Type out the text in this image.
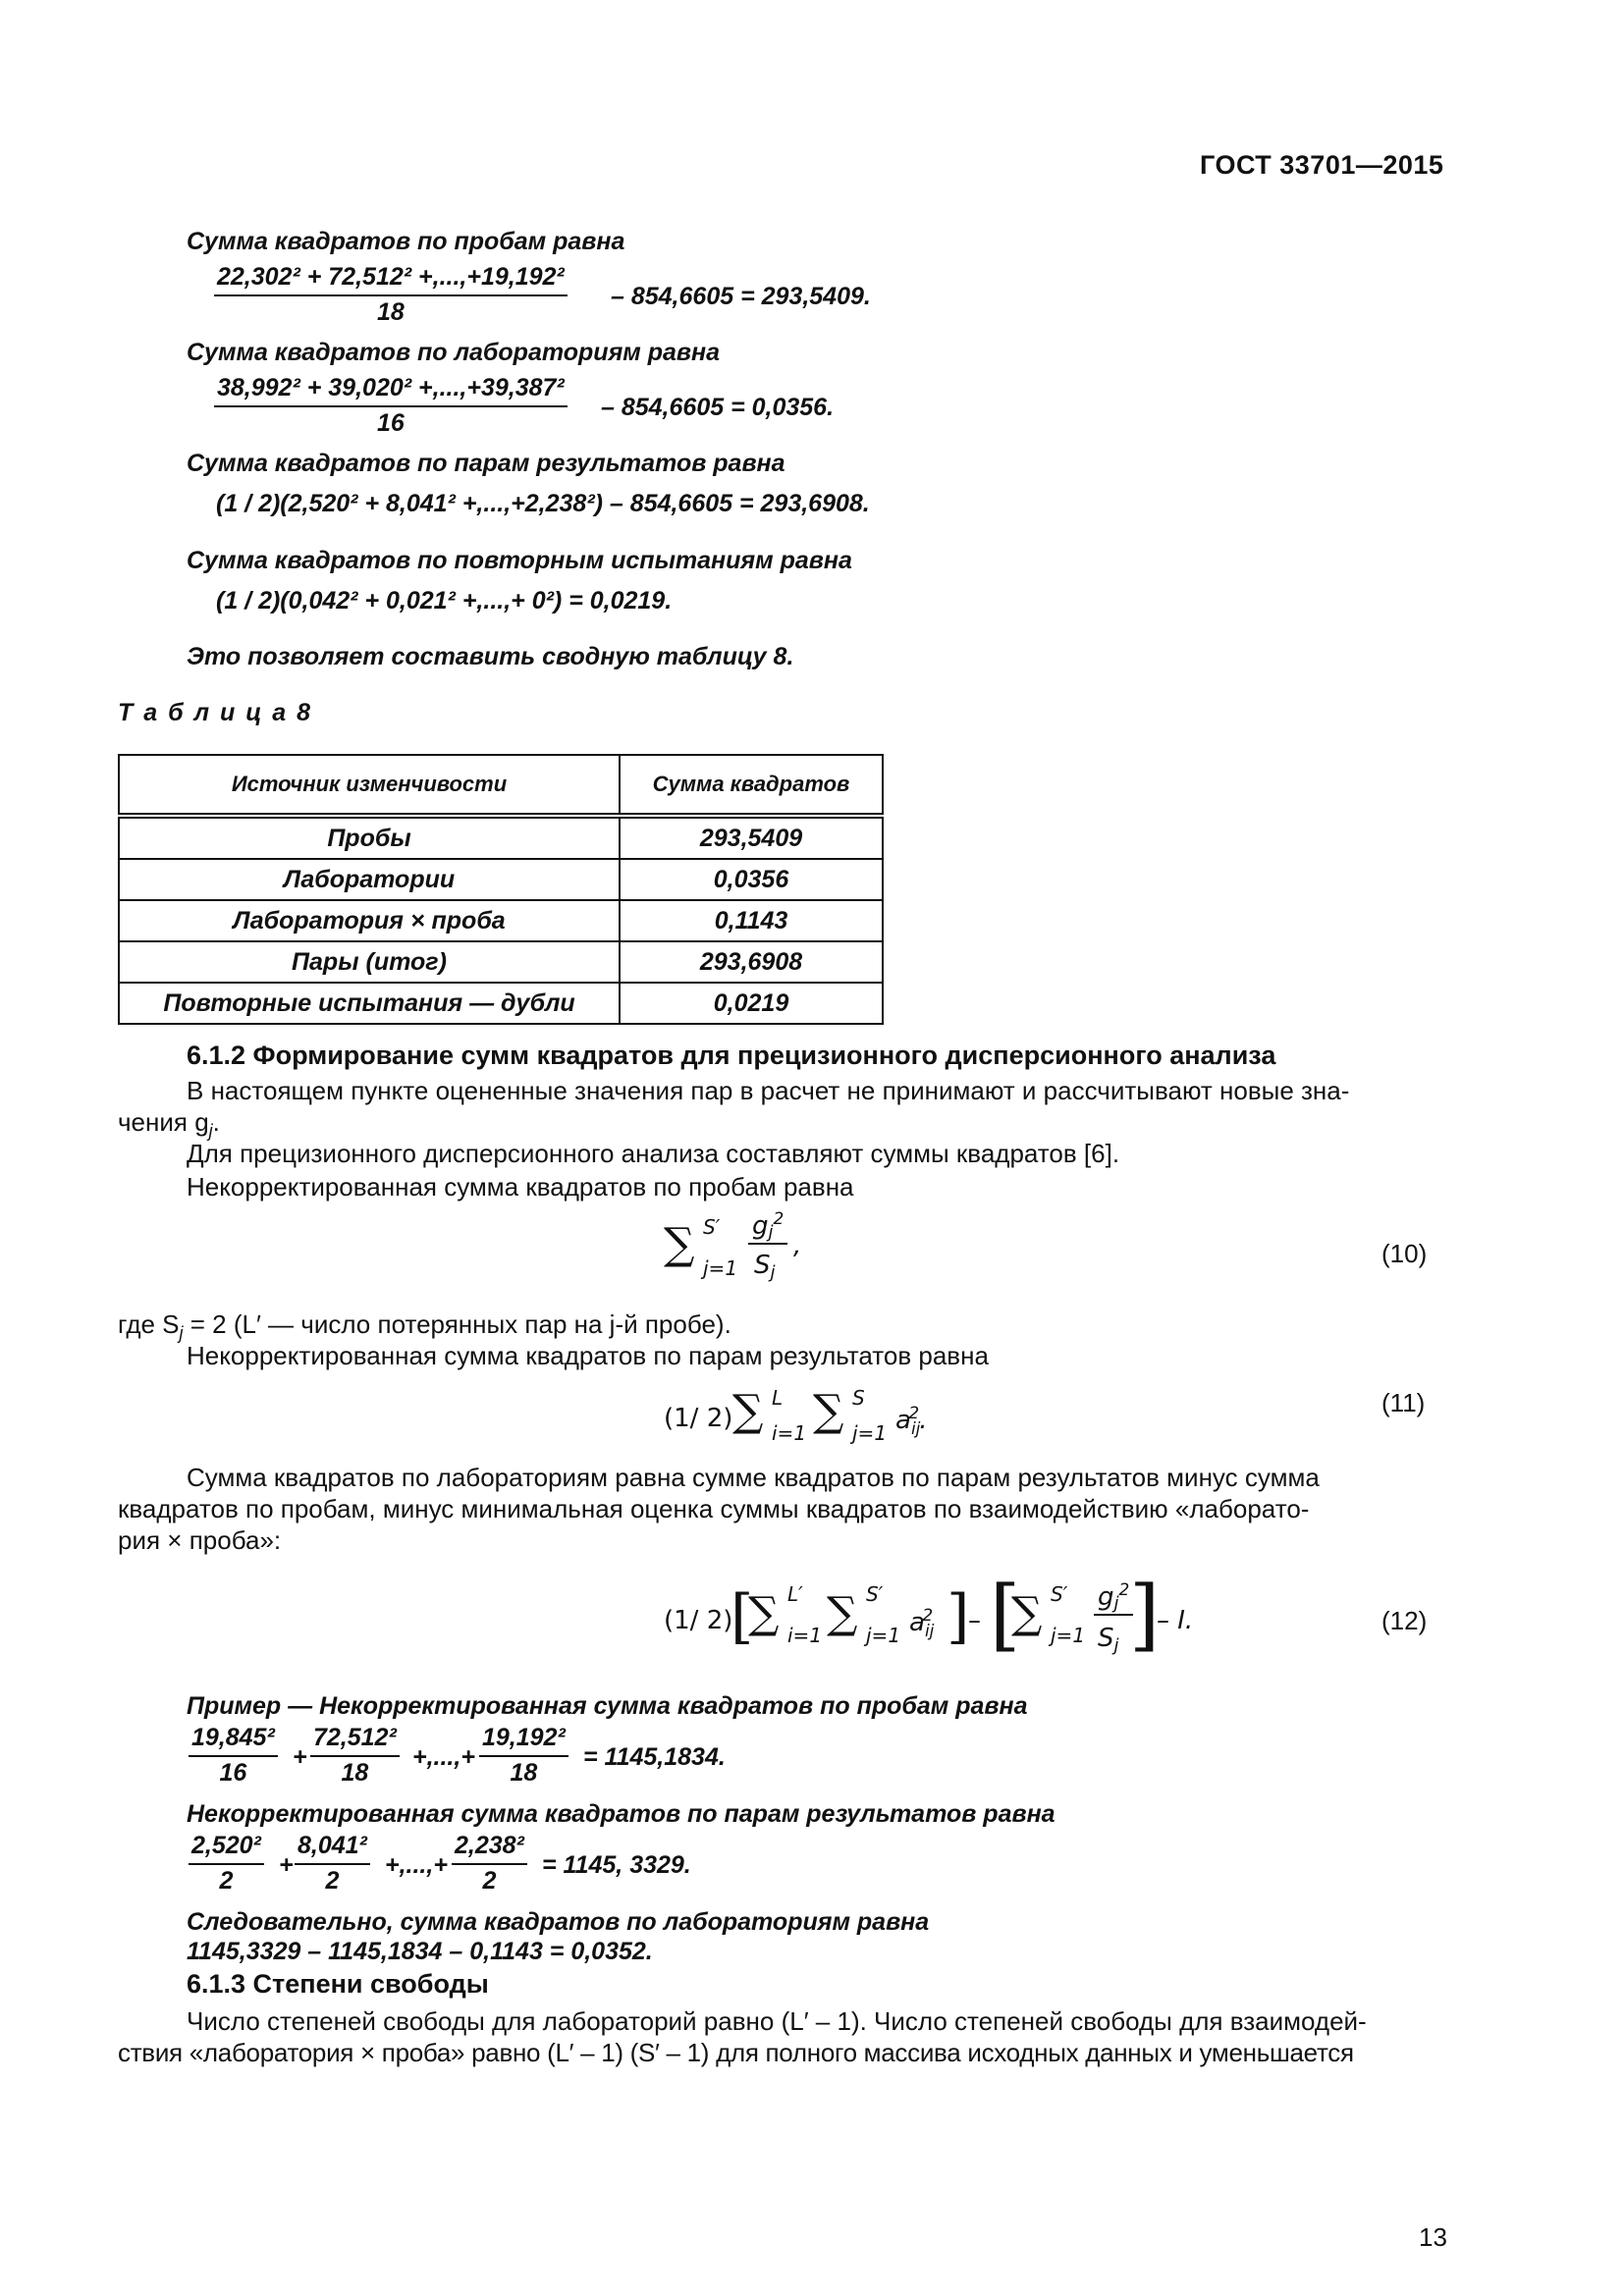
ГОСТ 33701—2015
Сумма квадратов по пробам равна
$\frac{\text{22,302² + 72,512² +,...,+19,192²}}{18} - 854,6605 = 293,5409$.
Сумма квадратов по лабораториям равна
$\frac{\text{38,992² + 39,020² +,...,+39,387²}}{16} - 854,6605 = 0,0356$.
Сумма квадратов по парам результатов равна
(1 / 2)(2,520² + 8,041² +,...,+2,238²) – 854,6605 = 293,6908.
Сумма квадратов по повторным испытаниям равна
(1 / 2)(0,042² + 0,021² +,...,+ 0²) = 0,0219.
Это позволяет составить сводную таблицу 8.
Т а б л и ц а 8
Источник изменчивости	Сумма квадратов
Пробы	293,5409
Лаборатории	0,0356
Лаборатория × проба	0,1143
Пары (итог)	293,6908
Повторные испытания — дубли	0,0219
6.1.2 Формирование сумм квадратов для прецизионного дисперсионного анализа
В настоящем пункте оцененные значения пар в расчет не принимают и рассчитывают новые зна-
чения $g_j$.
Для прецизионного дисперсионного анализа составляют суммы квадратов [6].
Некорректированная сумма квадратов по пробам равна
∑ S′
j=1
$gj^2$
Sj
,	(10)
где $S_j = 2$ (L′ — число потерянных пар на j-й пробе).
Некорректированная сумма квадратов по парам результатов равна
(1/ 2) ∑ L
i=1 ∑ S
j=1 $a_{ij}^2$.
(11)
Сумма квадратов по лабораториям равна сумме квадратов по парам результатов минус сумма
квадратов по пробам, минус минимальная оценка суммы квадратов по взаимодействию «лаборато-
рия × проба»:
(1/ 2)
[
∑ L′
i=1 ∑ S′
j=1 $a_{ij}^2$ ]
– [
∑ S′
j=1
$gj^2$
Sj ]
– I.	(12)
Пример — Некорректированная сумма квадратов по пробам равна
$\frac{\text{19,845²}}{16} + \frac{\text{72,512²}}{18}$ +,...,+ $\frac{\text{19,192²}}{18} = 1145,1834$.
Некорректированная сумма квадратов по парам результатов равна
$\frac{\text{2,520²}}{2} + \frac{\text{8,041²}}{2}$ +,...,+ $\frac{\text{2,238²}}{2} = 1145$, 3329.
Следовательно, сумма квадратов по лабораториям равна
1145,3329 – 1145,1834 – 0,1143 = 0,0352.
6.1.3 Степени свободы
Число степеней свободы для лабораторий равно (L′ – 1). Число степеней свободы для взаимодей-
ствия «лаборатория × проба» равно (L′ – 1) (S′ – 1) для полного массива исходных данных и уменьшается
13
